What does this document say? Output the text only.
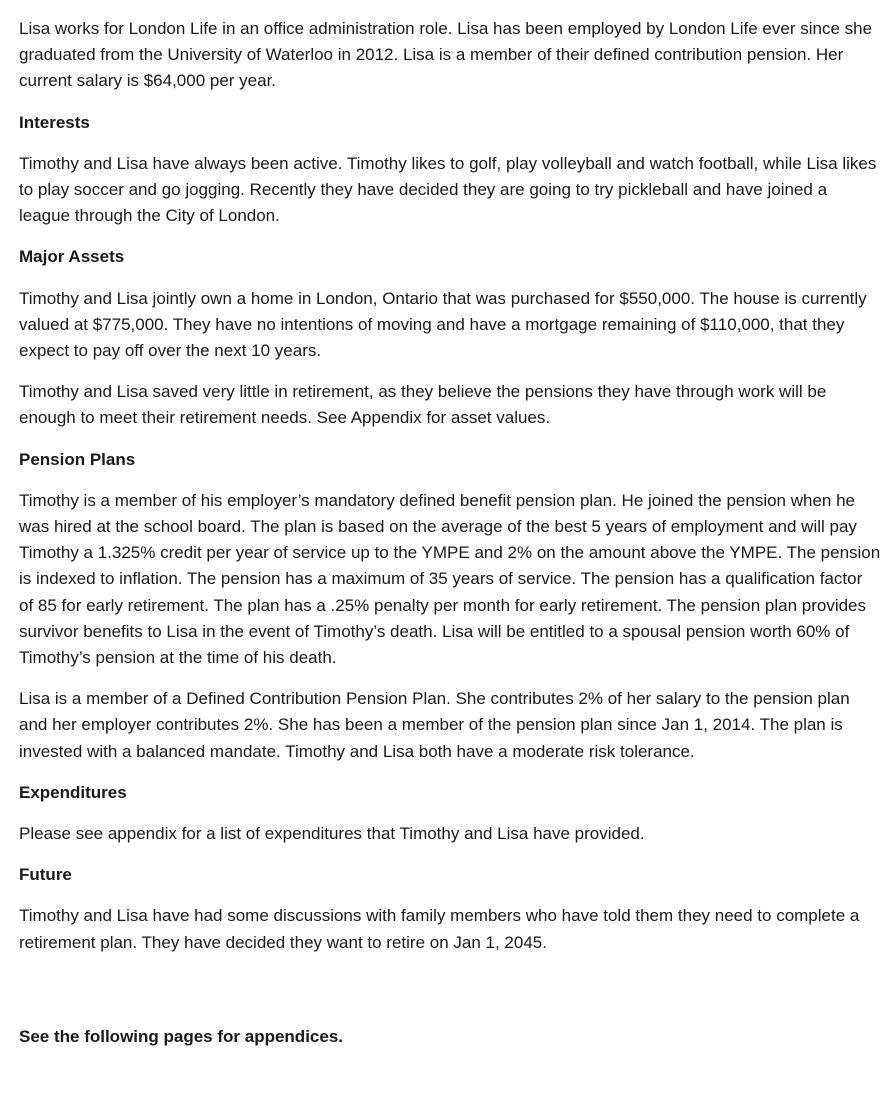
Lisa works for London Life in an office administration role. Lisa has been employed by London Life ever since she graduated from the University of Waterloo in 2012. Lisa is a member of their defined contribution pension. Her current salary is $64,000 per year.

Interests

Timothy and Lisa have always been active. Timothy likes to golf, play volleyball and watch football, while Lisa likes to play soccer and go jogging. Recently they have decided they are going to try pickleball and have joined a league through the City of London.

Major Assets

Timothy and Lisa jointly own a home in London, Ontario that was purchased for $550,000. The house is currently valued at $775,000. They have no intentions of moving and have a mortgage remaining of $110,000, that they expect to pay off over the next 10 years.

Timothy and Lisa saved very little in retirement, as they believe the pensions they have through work will be enough to meet their retirement needs. See Appendix for asset values.

Pension Plans

Timothy is a member of his employer’s mandatory defined benefit pension plan. He joined the pension when he was hired at the school board. The plan is based on the average of the best 5 years of employment and will pay Timothy a 1.325% credit per year of service up to the YMPE and 2% on the amount above the YMPE. The pension is indexed to inflation. The pension has a maximum of 35 years of service. The pension has a qualification factor of 85 for early retirement. The plan has a .25% penalty per month for early retirement. The pension plan provides survivor benefits to Lisa in the event of Timothy’s death. Lisa will be entitled to a spousal pension worth 60% of Timothy’s pension at the time of his death.

Lisa is a member of a Defined Contribution Pension Plan. She contributes 2% of her salary to the pension plan and her employer contributes 2%. She has been a member of the pension plan since Jan 1, 2014. The plan is invested with a balanced mandate. Timothy and Lisa both have a moderate risk tolerance.

Expenditures

Please see appendix for a list of expenditures that Timothy and Lisa have provided.

Future

Timothy and Lisa have had some discussions with family members who have told them they need to complete a retirement plan. They have decided they want to retire on Jan 1, 2045.

See the following pages for appendices.
